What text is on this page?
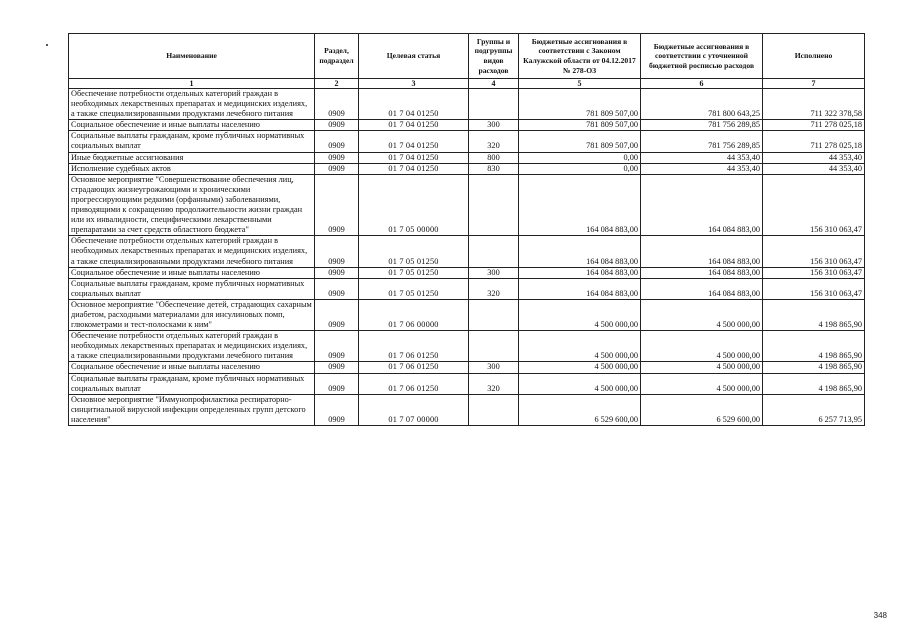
Наименование	Раздел, подраздел	Целевая статья	Группы и подгруппы видов расходов	Бюджетные ассигнования в соответствии с Законом Калужской области от 04.12.2017 № 278-ОЗ	Бюджетные ассигнования в соответствии с уточненной бюджетной росписью расходов	Исполнено
1	2	3	4	5	6	7
Обеспечение потребности отдельных категорий граждан в необходимых лекарственных препаратах и медицинских изделиях, а также специализированными продуктами лечебного питания	0909	01 7 04 01250		781 809 507,00	781 800 643,25	711 322 378,58
Социальное обеспечение и иные выплаты населению	0909	01 7 04 01250	300	781 809 507,00	781 756 289,85	711 278 025,18
Социальные выплаты гражданам, кроме публичных нормативных социальных выплат	0909	01 7 04 01250	320	781 809 507,00	781 756 289,85	711 278 025,18
Иные бюджетные ассигнования	0909	01 7 04 01250	800	0,00	44 353,40	44 353,40
Исполнение судебных актов	0909	01 7 04 01250	830	0,00	44 353,40	44 353,40
Основное мероприятие "Совершенствование обеспечения лиц, страдающих жизнеугрожающими и хроническими прогрессирующими редкими (орфанными) заболеваниями, приводящими к сокращению продолжительности жизни граждан или их инвалидности, специфическими лекарственными препаратами за счет средств областного бюджета"	0909	01 7 05 00000		164 084 883,00	164 084 883,00	156 310 063,47
Обеспечение потребности отдельных категорий граждан в необходимых лекарственных препаратах и медицинских изделиях, а также специализированными продуктами лечебного питания	0909	01 7 05 01250		164 084 883,00	164 084 883,00	156 310 063,47
Социальное обеспечение и иные выплаты населению	0909	01 7 05 01250	300	164 084 883,00	164 084 883,00	156 310 063,47
Социальные выплаты гражданам, кроме публичных нормативных социальных выплат	0909	01 7 05 01250	320	164 084 883,00	164 084 883,00	156 310 063,47
Основное мероприятие "Обеспечение детей, страдающих сахарным диабетом, расходными материалами для инсулиновых помп, глюкометрами и тест-полосками к ним"	0909	01 7 06 00000		4 500 000,00	4 500 000,00	4 198 865,90
Обеспечение потребности отдельных категорий граждан в необходимых лекарственных препаратах и медицинских изделиях, а также специализированными продуктами лечебного питания	0909	01 7 06 01250		4 500 000,00	4 500 000,00	4 198 865,90
Социальное обеспечение и иные выплаты населению	0909	01 7 06 01250	300	4 500 000,00	4 500 000,00	4 198 865,90
Социальные выплаты гражданам, кроме публичных нормативных социальных выплат	0909	01 7 06 01250	320	4 500 000,00	4 500 000,00	4 198 865,90
Основное мероприятие "Иммунопрофилактика респираторно-синцитиальной вирусной инфекции определенных групп детского населения"	0909	01 7 07 00000		6 529 600,00	6 529 600,00	6 257 713,95
348
